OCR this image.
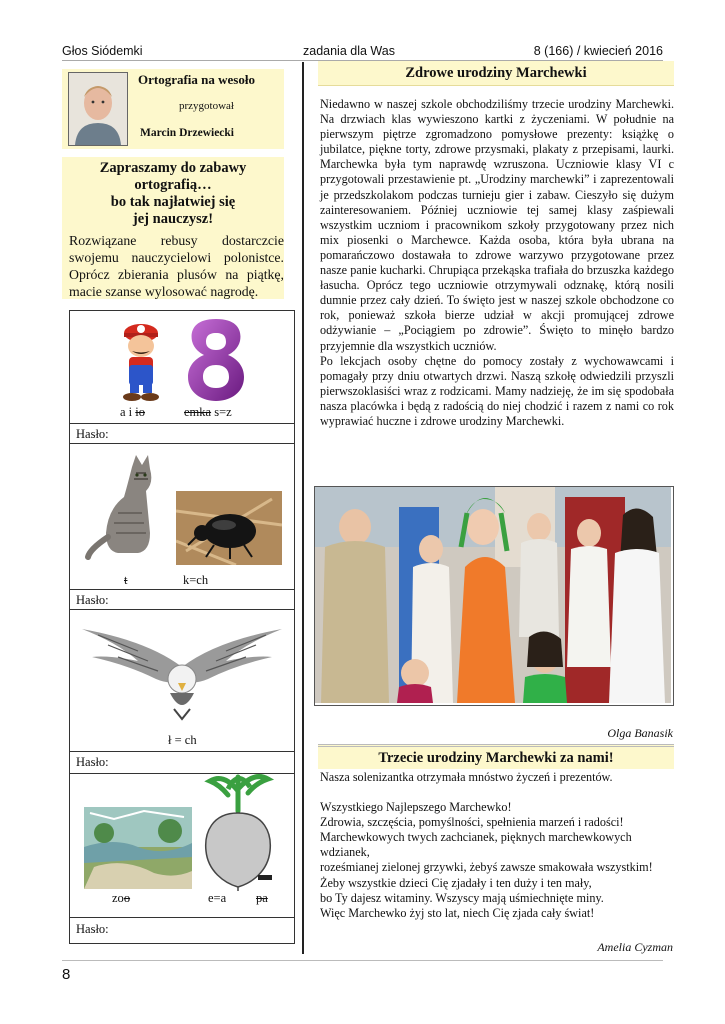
Głos Siódemki	zadania dla Was	8 (166) / kwiecień 2016
Ortografia na wesoło
przygotował
Marcin Drzewiecki
Zapraszamy do zabawy
ortografią…
bo tak najłatwiej się
jej nauczysz!
Rozwiązane rebusy dostarczcie swojemu nauczycielowi polonistce. Oprócz zbierania plusów na piątkę, macie szanse wylosować nagrodę.
a i io	emka s=z
Hasło:
t	k=ch
Hasło:
ł = ch
Hasło:
zoo	e=a pa
Hasło:
Zdrowe urodziny Marchewki

Niedawno w naszej szkole obchodziliśmy trzecie urodziny Marchewki. Na drzwiach klas wywieszono kartki z życzeniami. W południe na pierwszym piętrze zgromadzono pomysłowe prezenty: książkę o jubilatce, piękne torty, zdrowe przysmaki, plakaty z przepisami, laurki. Marchewka była tym naprawdę wzruszona. Uczniowie klasy VI c przygotowali przestawienie pt. „Urodziny marchewki” i zaprezentowali je przedszkolakom podczas turnieju gier i zabaw. Cieszyło się dużym zainteresowaniem. Później uczniowie tej samej klasy zaśpiewali wszystkim uczniom i pracownikom szkoły przygotowany przez nich mix piosenki o Marchewce. Każda osoba, która była ubrana na pomarańczowo dostawała to zdrowe warzywo przygotowane przez nasze panie kucharki. Chrupiąca przekąska trafiała do brzuszka każdego łasucha. Oprócz tego uczniowie otrzymywali odznakę, którą nosili dumnie przez cały dzień. To święto jest w naszej szkole obchodzone co rok, ponieważ szkoła bierze udział w akcji promującej zdrowe odżywianie – „Pociągiem po zdrowie”. Święto to minęło bardzo przyjemnie dla wszystkich uczniów.

Po lekcjach osoby chętne do pomocy zostały z wychowawcami i pomagały przy dniu otwartych drzwi. Naszą szkołę odwiedzili przyszli pierwszoklasiści wraz z rodzicami. Mamy nadzieję, że im się spodobała nasza placówka i będą z radością do niej chodzić i razem z nami co rok wyprawiać huczne i zdrowe urodziny Marchewki.

Olga Banasik
Trzecie urodziny Marchewki za nami!

Nasza solenizantka otrzymała mnóstwo życzeń i prezentów.

Wszystkiego Najlepszego Marchewko!

Zdrowia, szczęścia, pomyślności, spełnienia marzeń i radości!

Marchewkowych twych zachcianek, pięknych marchewkowych wdzianek,

roześmianej zielonej grzywki, żebyś zawsze smakowała wszystkim!

Żeby wszystkie dzieci Cię zjadały i ten duży i ten mały,

bo Ty dajesz witaminy. Wszyscy mają uśmiechnięte miny.

Więc Marchewko żyj sto lat, niech Cię zjada cały świat!

Amelia Cyzman
8
